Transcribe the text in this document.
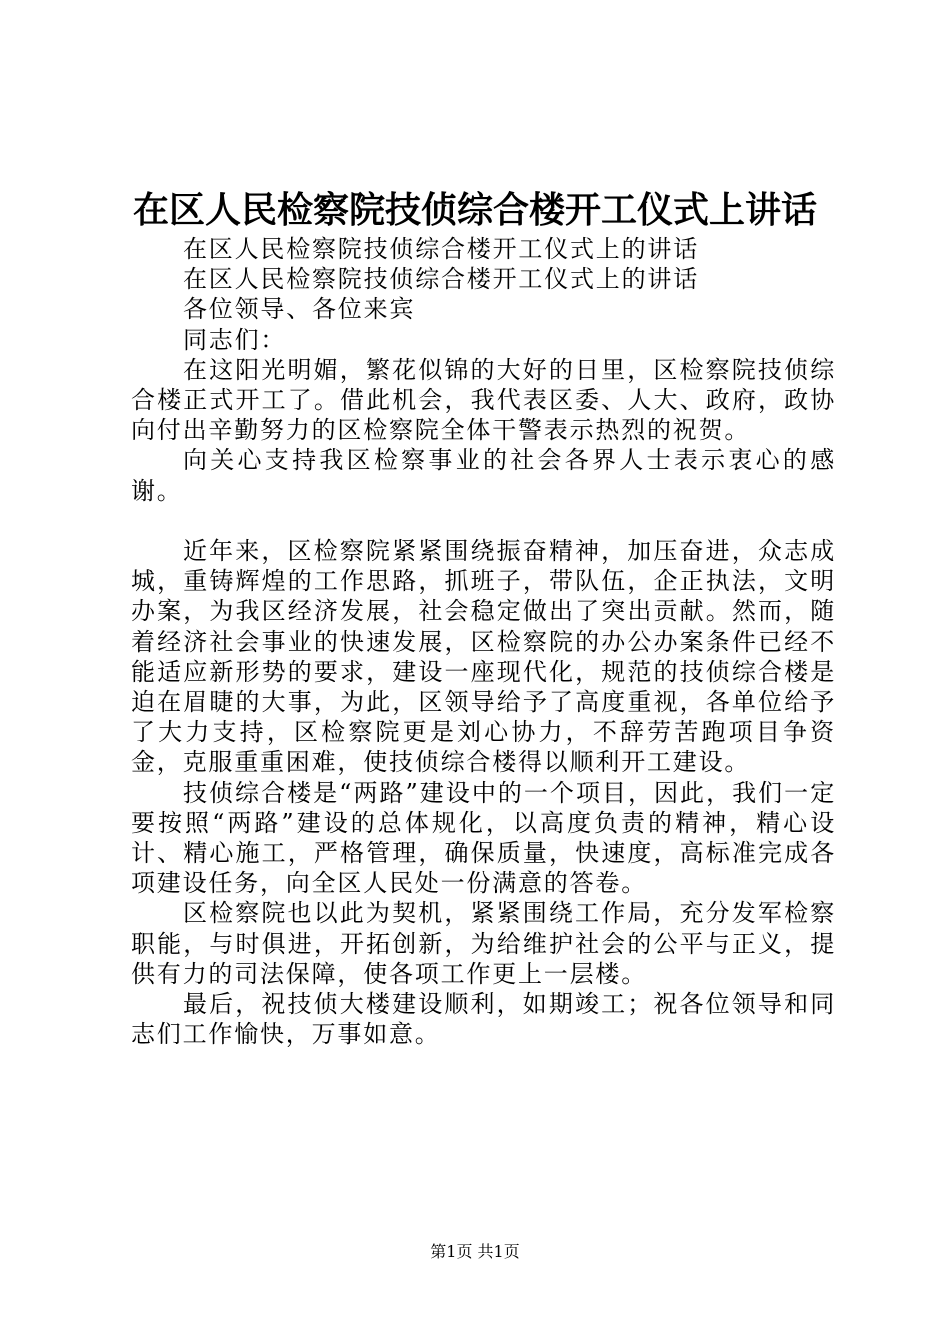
在区人民检察院技侦综合楼开工仪式上讲话

在区人民检察院技侦综合楼开工仪式上的讲话

在区人民检察院技侦综合楼开工仪式上的讲话

各位领导、各位来宾

同志们：

在这阳光明媚，繁花似锦的大好的日里，区检察院技侦综合楼正式开工了。借此机会，我代表区委、人大、政府，政协向付出辛勤努力的区检察院全体干警表示热烈的祝贺。

向关心支持我区检察事业的社会各界人士表示衷心的感谢。

近年来，区检察院紧紧围绕振奋精神，加压奋进，众志成城，重铸辉煌的工作思路，抓班子，带队伍，企正执法，文明办案，为我区经济发展，社会稳定做出了突出贡献。然而，随着经济社会事业的快速发展，区检察院的办公办案条件已经不能适应新形势的要求，建设一座现代化，规范的技侦综合楼是迫在眉睫的大事，为此，区领导给予了高度重视，各单位给予了大力支持，区检察院更是刘心协力，不辞劳苦跑项目争资金，克服重重困难，使技侦综合楼得以顺利开工建设。

技侦综合楼是“两路”建设中的一个项目，因此，我们一定要按照“两路”建设的总体规化，以高度负责的精神，精心设计、精心施工，严格管理，确保质量，快速度，高标准完成各项建设任务，向全区人民处一份满意的答卷。

区检察院也以此为契机，紧紧围绕工作局，充分发军检察职能，与时俱进，开拓创新，为给维护社会的公平与正义，提供有力的司法保障，使各项工作更上一层楼。

最后，祝技侦大楼建设顺利，如期竣工；祝各位领导和同志们工作愉快，万事如意。

第1页 共1页
